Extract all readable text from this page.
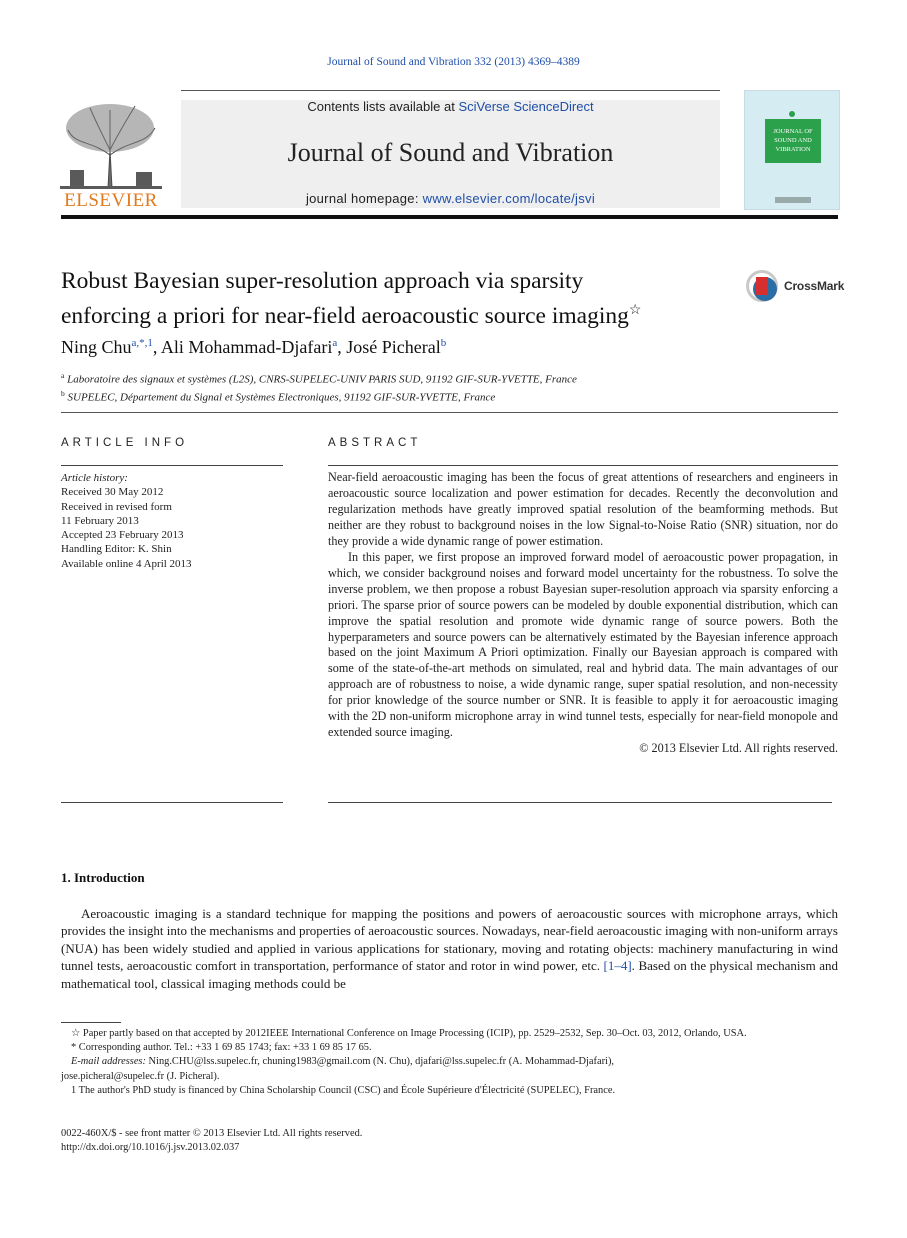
Journal of Sound and Vibration 332 (2013) 4369–4389
ELSEVIER
Contents lists available at SciVerse ScienceDirect
Journal of Sound and Vibration
journal homepage: www.elsevier.com/locate/jsvi
JOURNAL OF SOUND AND VIBRATION
Robust Bayesian super-resolution approach via sparsity
enforcing a priori for near-field aeroacoustic source imaging☆
CrossMark
Ning Chu$^{a,*,1}$, Ali Mohammad-Djafari$^a$, José Picheral$^b$
$^a$ Laboratoire des signaux et systèmes (L2S), CNRS-SUPELEC-UNIV PARIS SUD, 91192 GIF-SUR-YVETTE, France
$^b$ SUPELEC, Département du Signal et Systèmes Electroniques, 91192 GIF-SUR-YVETTE, France
ARTICLE INFO
Article history:
Received 30 May 2012
Received in revised form
11 February 2013
Accepted 23 February 2013
Handling Editor: K. Shin
Available online 4 April 2013
ABSTRACT

Near-field aeroacoustic imaging has been the focus of great attentions of researchers and engineers in aeroacoustic source localization and power estimation for decades. Recently the deconvolution and regularization methods have greatly improved spatial resolution of the beamforming methods. But neither are they robust to background noises in the low Signal-to-Noise Ratio (SNR) situation, nor do they provide a wide dynamic range of power estimation.

In this paper, we first propose an improved forward model of aeroacoustic power propagation, in which, we consider background noises and forward model uncertainty for the robustness. To solve the inverse problem, we then propose a robust Bayesian super-resolution approach via sparsity enforcing a priori. The sparse prior of source powers can be modeled by double exponential distribution, which can improve the spatial resolution and promote wide dynamic range of source powers. Both the hyperparameters and source powers can be alternatively estimated by the Bayesian inference approach based on the joint Maximum A Priori optimization. Finally our Bayesian approach is compared with some of the state-of-the-art methods on simulated, real and hybrid data. The main advantages of our approach are of robustness to noise, a wide dynamic range, super spatial resolution, and non-necessity for prior knowledge of the source number or SNR. It is feasible to apply it for aeroacoustic imaging with the 2D non-uniform microphone array in wind tunnel tests, especially for near-field monopole and extended source imaging.

© 2013 Elsevier Ltd. All rights reserved.

1. Introduction

Aeroacoustic imaging is a standard technique for mapping the positions and powers of aeroacoustic sources with microphone arrays, which provides the insight into the mechanisms and properties of aeroacoustic sources. Nowadays, near-field aeroacoustic imaging with non-uniform arrays (NUA) has been widely studied and applied in various applications for stationary, moving and rotating objects: machinery manufacturing in wind tunnel tests, aeroacoustic comfort in transportation, performance of stator and rotor in wind power, etc. [1–4]. Based on the physical mechanism and mathematical tool, classical imaging methods could be

☆ Paper partly based on that accepted by 2012IEEE International Conference on Image Processing (ICIP), pp. 2529–2532, Sep. 30–Oct. 03, 2012, Orlando, USA.

* Corresponding author. Tel.: +33 1 69 85 1743; fax: +33 1 69 85 17 65.

E-mail addresses: Ning.CHU@lss.supelec.fr, chuning1983@gmail.com (N. Chu), djafari@lss.supelec.fr (A. Mohammad-Djafari),

jose.picheral@supelec.fr (J. Picheral).

1 The author's PhD study is financed by China Scholarship Council (CSC) and École Supérieure d'Électricité (SUPELEC), France.

0022-460X/$ - see front matter © 2013 Elsevier Ltd. All rights reserved.
http://dx.doi.org/10.1016/j.jsv.2013.02.037
